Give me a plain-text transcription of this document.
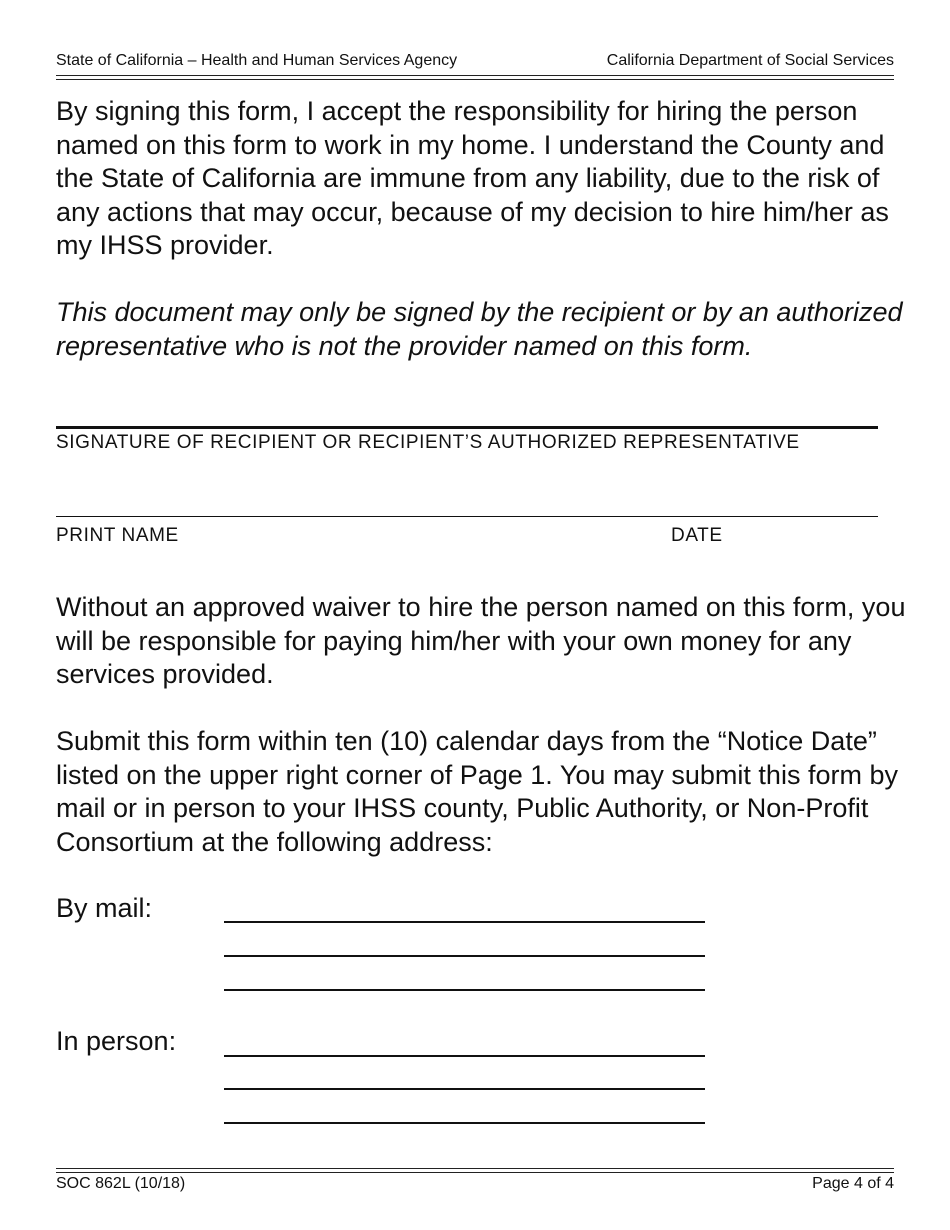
State of California – Health and Human Services Agency	California Department of Social Services

By signing this form, I accept the responsibility for hiring the person named on this form to work in my home. I understand the County and the State of California are immune from any liability, due to the risk of any actions that may occur, because of my decision to hire him/her as my IHSS provider.

This document may only be signed by the recipient or by an authorized representative who is not the provider named on this form.

SIGNATURE OF RECIPIENT OR RECIPIENT’S AUTHORIZED REPRESENTATIVE
PRINT NAME	DATE

Without an approved waiver to hire the person named on this form, you will be responsible for paying him/her with your own money for any services provided.

Submit this form within ten (10) calendar days from the “Notice Date” listed on the upper right corner of Page 1. You may submit this form by mail or in person to your IHSS county, Public Authority, or Non-Profit Consortium at the following address:

By mail:
In person:
SOC 862L (10/18)	Page 4 of 4
